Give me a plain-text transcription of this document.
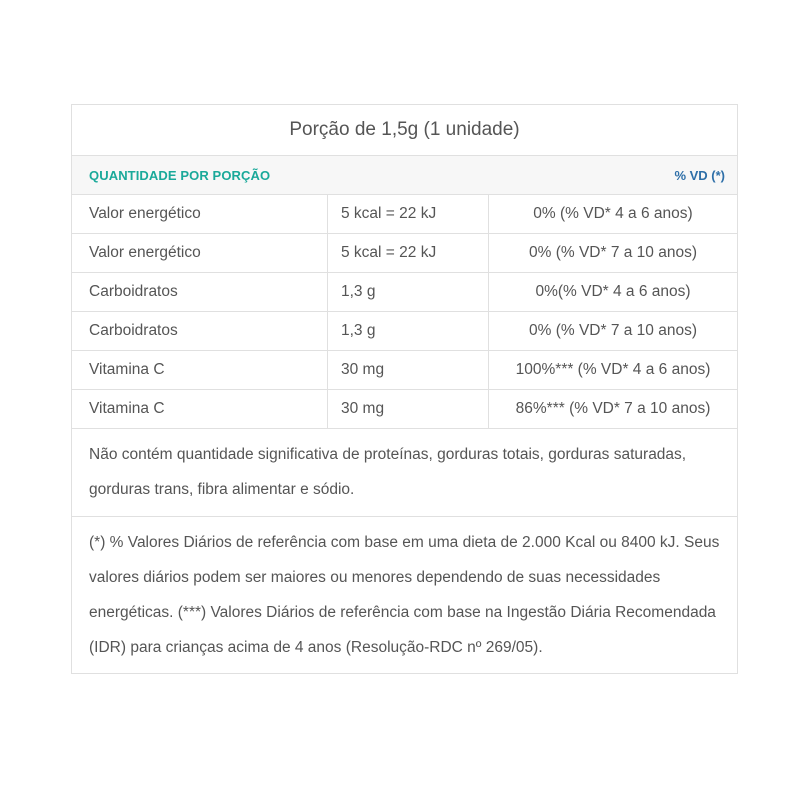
Porção de 1,5g (1 unidade)
QUANTIDADE POR PORÇÃO	% VD (*)
Valor energético	5 kcal = 22 kJ	0% (% VD* 4 a 6 anos)
Valor energético	5 kcal = 22 kJ	0% (% VD* 7 a 10 anos)
Carboidratos	1,3 g	0%(% VD* 4 a 6 anos)
Carboidratos	1,3 g	0% (% VD* 7 a 10 anos)
Vitamina C	30 mg	100%*** (% VD* 4 a 6 anos)
Vitamina C	30 mg	86%*** (% VD* 7 a 10 anos)
Não contém quantidade significativa de proteínas, gorduras totais, gorduras saturadas, gorduras trans, fibra alimentar e sódio.
(*) % Valores Diários de referência com base em uma dieta de 2.000 Kcal ou 8400 kJ. Seus valores diários podem ser maiores ou menores dependendo de suas necessidades energéticas. (***) Valores Diários de referência com base na Ingestão Diária Recomendada (IDR) para crianças acima de 4 anos (Resolução-RDC nº 269/05).
